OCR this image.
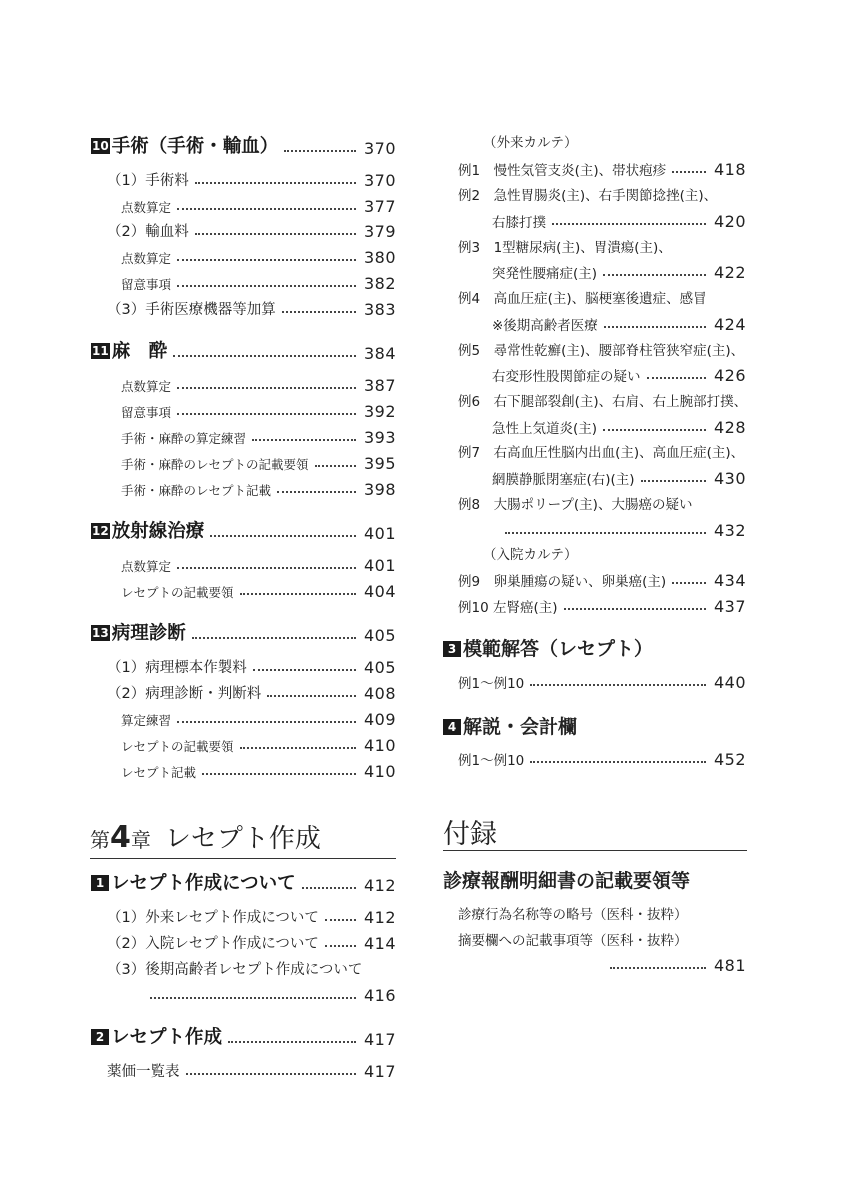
10 手術（手術・輸血）	370
（1）手術料	370
点数算定	377
（2）輸血料	379
点数算定	380
留意事項	382
（3）手術医療機器等加算	383
11 麻　酔	384
点数算定	387
留意事項	392
手術・麻酔の算定練習	393
手術・麻酔のレセプトの記載要領	395
手術・麻酔のレセプト記載	398
12 放射線治療	401
点数算定	401
レセプトの記載要領	404
13 病理診断	405
（1）病理標本作製料	405
（2）病理診断・判断料	408
算定練習	409
レセプトの記載要領	410
レセプト記載	410
第4章 レセプト作成
1 レセプト作成について	412
（1）外来レセプト作成について	412
（2）入院レセプト作成について	414
（3）後期高齢者レセプト作成について
416
2 レセプト作成	417
薬価一覧表	417
（外来カルテ）
例1　慢性気管支炎(主)、帯状疱疹	418
例2　急性胃腸炎(主)、右手関節捻挫(主)、
右膝打撲	420
例3　1型糖尿病(主)、胃潰瘍(主)、
突発性腰痛症(主)	422
例4　高血圧症(主)、脳梗塞後遺症、感冒
※後期高齢者医療	424
例5　尋常性乾癬(主)、腰部脊柱管狭窄症(主)、
右変形性股関節症の疑い	426
例6　右下腿部裂創(主)、右肩、右上腕部打撲、
急性上気道炎(主)	428
例7　右高血圧性脳内出血(主)、高血圧症(主)、
網膜静脈閉塞症(右)(主)	430
例8　大腸ポリープ(主)、大腸癌の疑い
432
（入院カルテ）
例9　卵巣腫瘍の疑い、卵巣癌(主)	434
例10 左腎癌(主)	437
3 模範解答（レセプト）
例1～例10	440
4 解説・会計欄
例1～例10	452
付録
診療報酬明細書の記載要領等
診療行為名称等の略号（医科・抜粋）
摘要欄への記載事項等（医科・抜粋）
481
